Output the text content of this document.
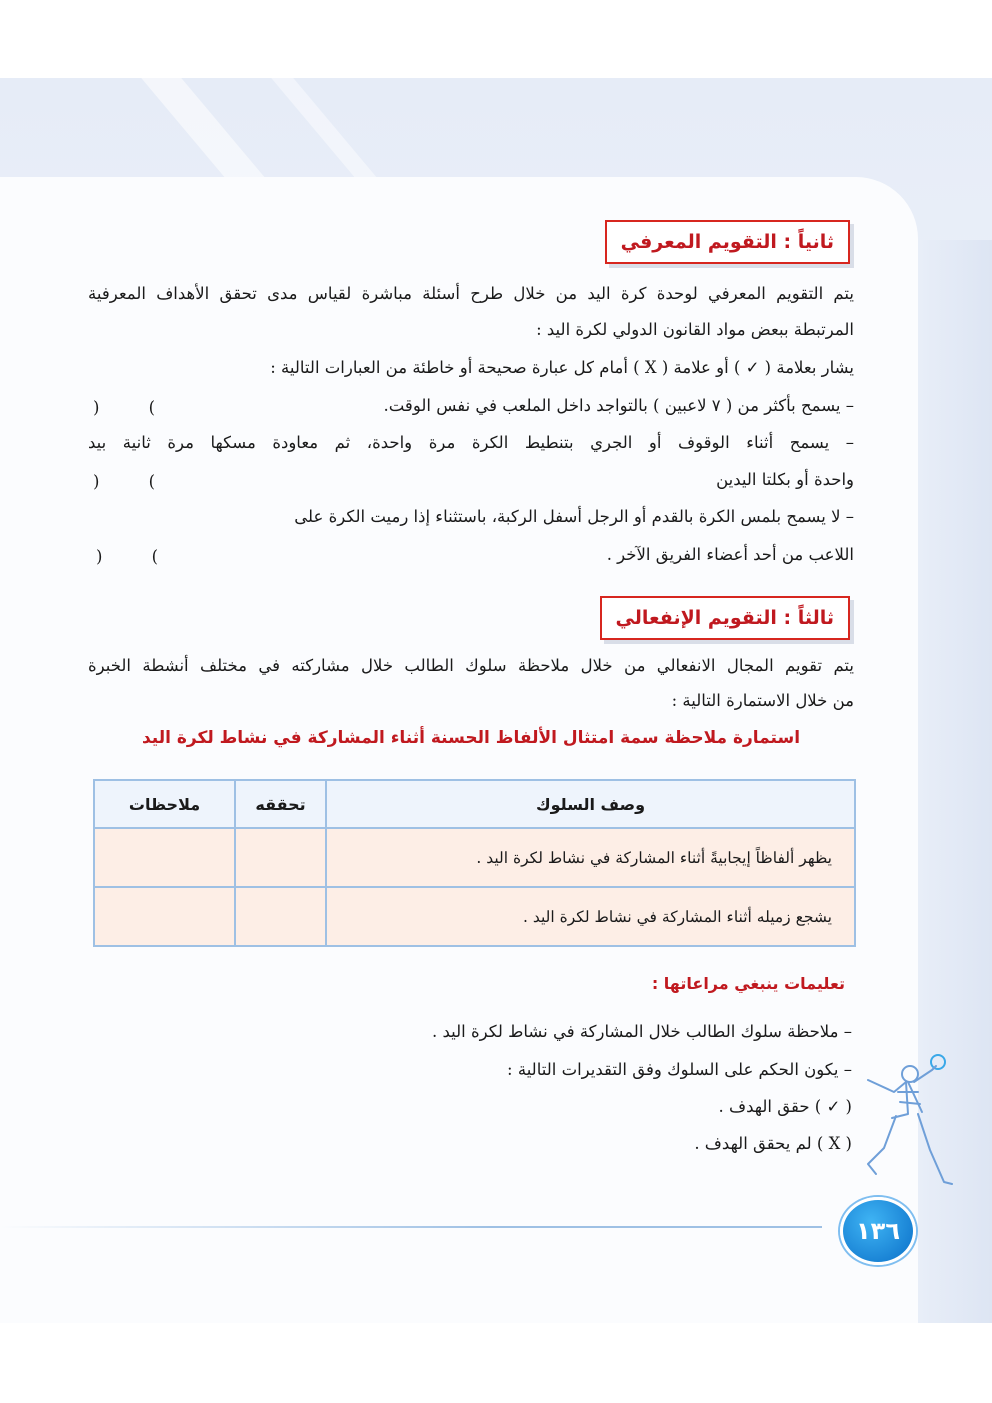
ثانياً : التقويم المعرفي
يتم التقويم المعرفي لوحدة كرة اليد من خلال طرح أسئلة مباشرة لقياس مدى تحقق الأهداف المعرفية
المرتبطة ببعض مواد القانون الدولي لكرة اليد :
يشار بعلامة ( ✓ ) أو علامة ( X ) أمام كل عبارة صحيحة أو خاطئة من العبارات التالية :
– يسمح بأكثر من ( ٧ لاعبين ) بالتواجد داخل الملعب في نفس الوقت.
)	(
– يسمح أثناء الوقوف أو الجري بتنطيط الكرة مرة واحدة، ثم معاودة مسكها مرة ثانية بيد
واحدة أو بكلتا اليدين
)	(
– لا يسمح بلمس الكرة بالقدم أو الرجل أسفل الركبة، باستثناء إذا رميت الكرة على
اللاعب من أحد أعضاء الفريق الآخر .
)	(
ثالثاً : التقويم الإنفعالي
يتم تقويم المجال الانفعالي من خلال ملاحظة سلوك الطالب خلال مشاركته في مختلف أنشطة الخبرة
من خلال الاستمارة التالية :
استمارة ملاحظة سمة امتثال الألفاظ الحسنة أثناء المشاركة في نشاط لكرة اليد
وصف السلوك	تحققه	ملاحظات
يظهر ألفاظاً إيجابيةً أثناء المشاركة في نشاط لكرة اليد .		
يشجع زميله أثناء المشاركة في نشاط لكرة اليد .		
تعليمات ينبغي مراعاتها :
– ملاحظة سلوك الطالب خلال المشاركة في نشاط لكرة اليد .
– يكون الحكم على السلوك وفق التقديرات التالية :
( ✓ ) حقق الهدف .
( X ) لم يحقق الهدف .
١٣٦
